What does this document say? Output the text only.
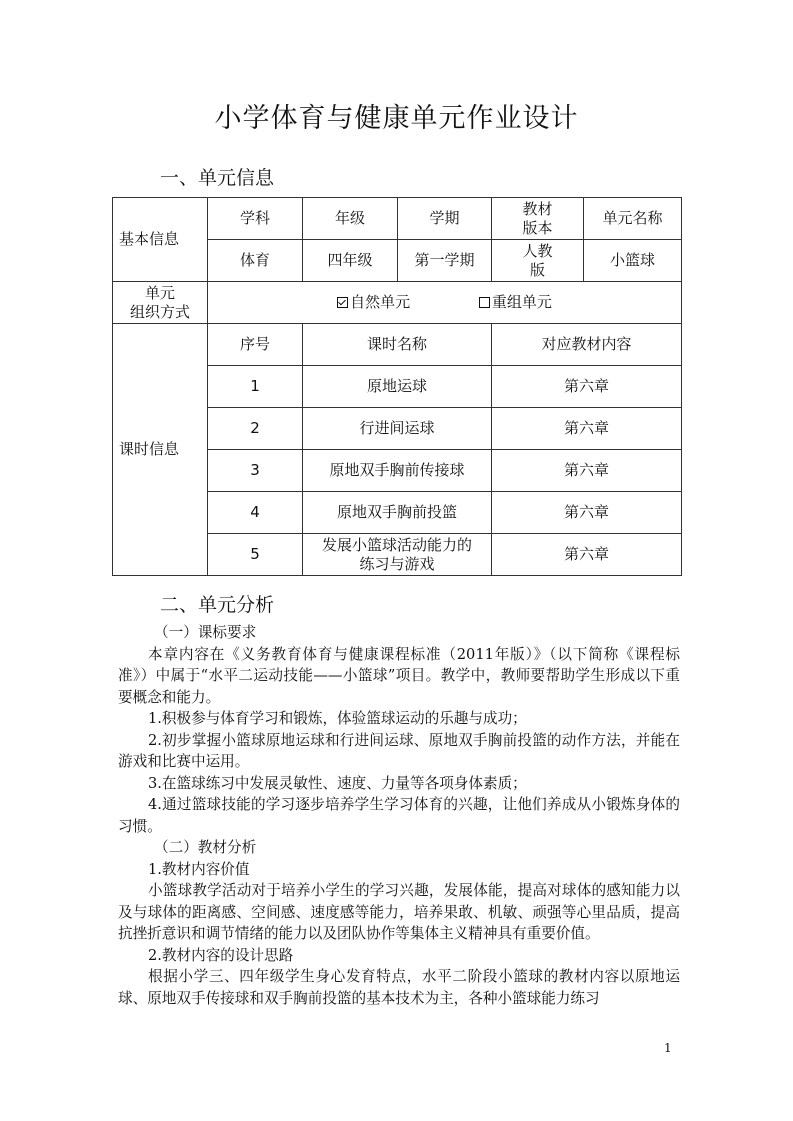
小学体育与健康单元作业设计
一、单元信息
基本信息	学科	年级	学期	教材
版本	单元名称
	体育	四年级	第一学期	人教
版	小篮球

单元
组织方式	自然单元 重组单元				
课时信息	序号	课时名称		对应教材内容	
	1	原地运球		第六章	
	2	行进间运球		第六章	
	3	原地双手胸前传接球		第六章	
	4	原地双手胸前投篮		第六章	
	5	发展小篮球活动能力的
练习与游戏		第六章	
二、单元分析

（一）课标要求

本章内容在《义务教育体育与健康课程标准（2011年版）》（以下简称《课程标准》）中属于“水平二运动技能——小篮球”项目。教学中，教师要帮助学生形成以下重要概念和能力。

1.积极参与体育学习和锻炼，体验篮球运动的乐趣与成功；

2.初步掌握小篮球原地运球和行进间运球、原地双手胸前投篮的动作方法，并能在游戏和比赛中运用。

3.在篮球练习中发展灵敏性、速度、力量等各项身体素质；

4.通过篮球技能的学习逐步培养学生学习体育的兴趣，让他们养成从小锻炼身体的习惯。

（二）教材分析

1.教材内容价值

小篮球教学活动对于培养小学生的学习兴趣，发展体能，提高对球体的感知能力以及与球体的距离感、空间感、速度感等能力，培养果敢、机敏、顽强等心里品质，提高抗挫折意识和调节情绪的能力以及团队协作等集体主义精神具有重要价值。

2.教材内容的设计思路

根据小学三、四年级学生身心发育特点，水平二阶段小篮球的教材内容以原地运球、原地双手传接球和双手胸前投篮的基本技术为主，各种小篮球能力练习

1
